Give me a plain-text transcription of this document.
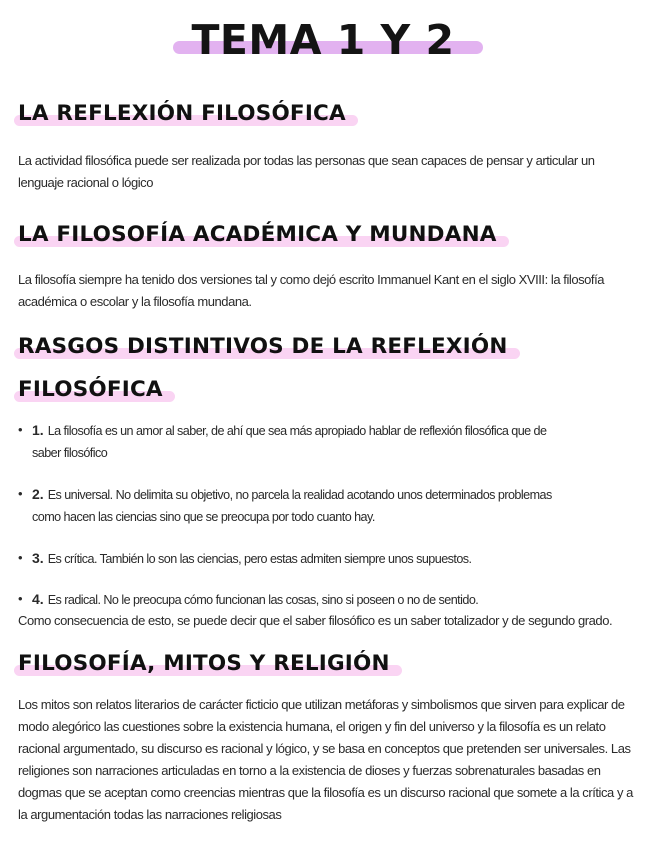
TEMA 1 Y 2
LA REFLEXIÓN FILOSÓFICA

La actividad filosófica puede ser realizada por todas las personas que sean capaces de pensar y articular un lenguaje racional o lógico

LA FILOSOFÍA ACADÉMICA Y MUNDANA

La filosofía siempre ha tenido dos versiones tal y como dejó escrito Immanuel Kant en el siglo XVIII: la filosofía académica o escolar y la filosofía mundana.

RASGOS DISTINTIVOS DE LA REFLEXIÓN
FILOSÓFICA
• 1. La filosofía es un amor al saber, de ahí que sea más apropiado hablar de reflexión filosófica que de
saber filosófico
• 2. Es universal. No delimita su objetivo, no parcela la realidad acotando unos determinados problemas
como hacen las ciencias sino que se preocupa por todo cuanto hay.
• 3. Es crítica. También lo son las ciencias, pero estas admiten siempre unos supuestos.
• 4. Es radical. No le preocupa cómo funcionan las cosas, sino si poseen o no de sentido.

Como consecuencia de esto, se puede decir que el saber filosófico es un saber totalizador y de segundo grado.

FILOSOFÍA, MITOS Y RELIGIÓN

Los mitos son relatos literarios de carácter ficticio que utilizan metáforas y simbolismos que sirven para explicar de modo alegórico las cuestiones sobre la existencia humana, el origen y fin del universo y la filosofía es un relato racional argumentado, su discurso es racional y lógico, y se basa en conceptos que pretenden ser universales. Las religiones son narraciones articuladas en torno a la existencia de dioses y fuerzas sobrenaturales basadas en dogmas que se aceptan como creencias mientras que la filosofía es un discurso racional que somete a la crítica y a la argumentación todas las narraciones religiosas
